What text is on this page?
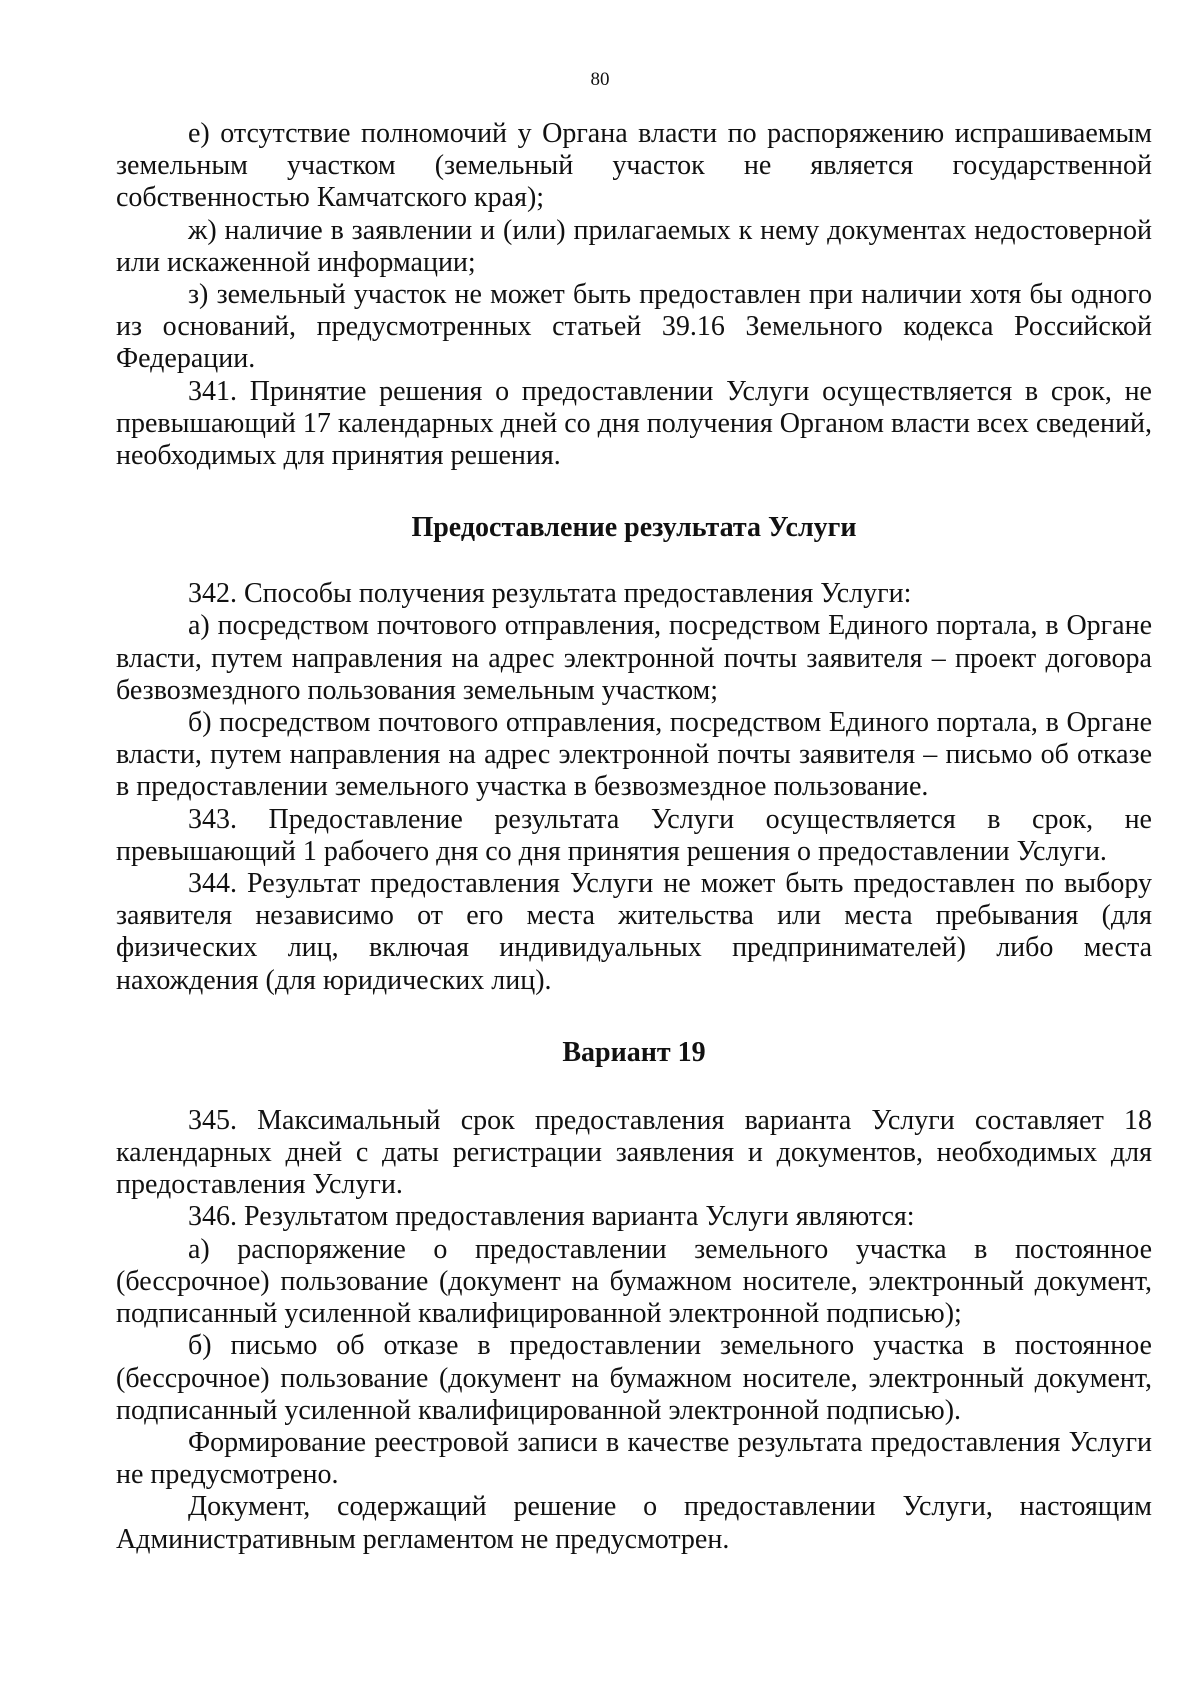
80

е) отсутствие полномочий у Органа власти по распоряжению испрашиваемым земельным участком (земельный участок не является государственной собственностью Камчатского края);

ж) наличие в заявлении и (или) прилагаемых к нему документах недостоверной или искаженной информации;

з) земельный участок не может быть предоставлен при наличии хотя бы одного из оснований, предусмотренных статьей 39.16 Земельного кодекса Российской Федерации.

341. Принятие решения о предоставлении Услуги осуществляется в срок, не превышающий 17 календарных дней со дня получения Органом власти всех сведений, необходимых для принятия решения.

Предоставление результата Услуги

342. Способы получения результата предоставления Услуги:

а) посредством почтового отправления, посредством Единого портала, в Органе власти, путем направления на адрес электронной почты заявителя – проект договора безвозмездного пользования земельным участком;

б) посредством почтового отправления, посредством Единого портала, в Органе власти, путем направления на адрес электронной почты заявителя – письмо об отказе в предоставлении земельного участка в безвозмездное пользование.

343. Предоставление результата Услуги осуществляется в срок, не превышающий 1 рабочего дня со дня принятия решения о предоставлении Услуги.

344. Результат предоставления Услуги не может быть предоставлен по выбору заявителя независимо от его места жительства или места пребывания (для физических лиц, включая индивидуальных предпринимателей) либо места нахождения (для юридических лиц).

Вариант 19

345. Максимальный срок предоставления варианта Услуги составляет 18 календарных дней с даты регистрации заявления и документов, необходимых для предоставления Услуги.

346. Результатом предоставления варианта Услуги являются:

а) распоряжение о предоставлении земельного участка в постоянное (бессрочное) пользование (документ на бумажном носителе, электронный документ, подписанный усиленной квалифицированной электронной подписью);

б) письмо об отказе в предоставлении земельного участка в постоянное (бессрочное) пользование (документ на бумажном носителе, электронный документ, подписанный усиленной квалифицированной электронной подписью).

Формирование реестровой записи в качестве результата предоставления Услуги не предусмотрено.

Документ, содержащий решение о предоставлении Услуги, настоящим Административным регламентом не предусмотрен.
